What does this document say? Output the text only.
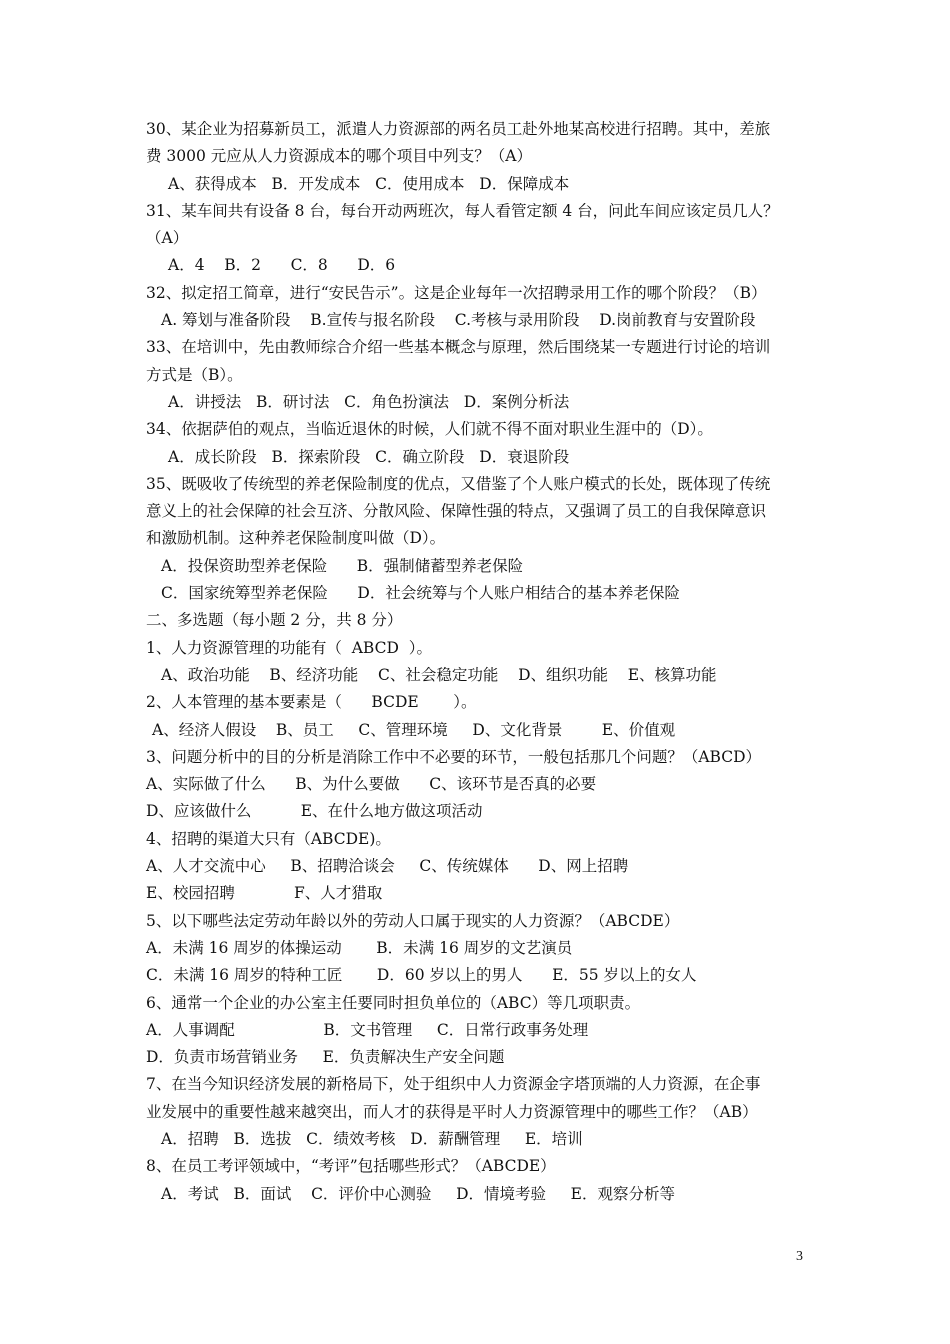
30、某企业为招募新员工，派遣人力资源部的两名员工赴外地某高校进行招聘。其中，差旅
费 3000 元应从人力资源成本的哪个项目中列支？（A）
A、获得成本   B．开发成本   C．使用成本   D．保障成本
31、某车间共有设备 8 台，每台开动两班次，每人看管定额 4 台，问此车间应该定员几人？
（A）
A．4    B．2      C．8      D．6
32、拟定招工简章，进行“安民告示”。这是企业每年一次招聘录用工作的哪个阶段？（B）
A. 筹划与准备阶段    B.宣传与报名阶段    C.考核与录用阶段    D.岗前教育与安置阶段
33、在培训中，先由教师综合介绍一些基本概念与原理，然后围绕某一专题进行讨论的培训
方式是（B）。
A．讲授法   B．研讨法   C．角色扮演法   D．案例分析法
34、依据萨伯的观点，当临近退休的时候，人们就不得不面对职业生涯中的（D）。
A．成长阶段   B．探索阶段   C．确立阶段   D．衰退阶段
35、既吸收了传统型的养老保险制度的优点，又借鉴了个人账户模式的长处，既体现了传统
意义上的社会保障的社会互济、分散风险、保障性强的特点，又强调了员工的自我保障意识
和激励机制。这种养老保险制度叫做（D）。
A．投保资助型养老保险      B．强制储蓄型养老保险
C．国家统筹型养老保险      D．社会统筹与个人账户相结合的基本养老保险
二、多选题（每小题 2 分，共 8 分）
1、人力资源管理的功能有（  ABCD  ）。
A、政治功能    B、经济功能    C、社会稳定功能    D、组织功能    E、核算功能
2、人本管理的基本要素是（      BCDE       ）。
A、经济人假设    B、员工     C、管理环境     D、文化背景        E、价值观
3、问题分析中的目的分析是消除工作中不必要的环节，一般包括那几个问题？（ABCD）
A、实际做了什么      B、为什么要做      C、该环节是否真的必要
D、应该做什么          E、在什么地方做这项活动
4、招聘的渠道大只有（ABCDE)。
A、人才交流中心     B、招聘洽谈会     C、传统媒体      D、网上招聘
E、校园招聘            F、人才猎取
5、以下哪些法定劳动年龄以外的劳动人口属于现实的人力资源？（ABCDE）
A．未满 16 周岁的体操运动       B．未满 16 周岁的文艺演员
C．未满 16 周岁的特种工匠       D．60 岁以上的男人      E．55 岁以上的女人
6、通常一个企业的办公室主任要同时担负单位的（ABC）等几项职责。
A．人事调配                  B．文书管理     C．日常行政事务处理
D．负责市场营销业务     E．负责解决生产安全问题
7、在当今知识经济发展的新格局下，处于组织中人力资源金字塔顶端的人力资源，在企事
业发展中的重要性越来越突出，而人才的获得是平时人力资源管理中的哪些工作？（AB）
A．招聘   B．选拔   C．绩效考核   D．薪酬管理     E．培训
8、在员工考评领域中，“考评”包括哪些形式？（ABCDE）
A．考试   B．面试    C．评价中心测验     D．情境考验     E．观察分析等
3
